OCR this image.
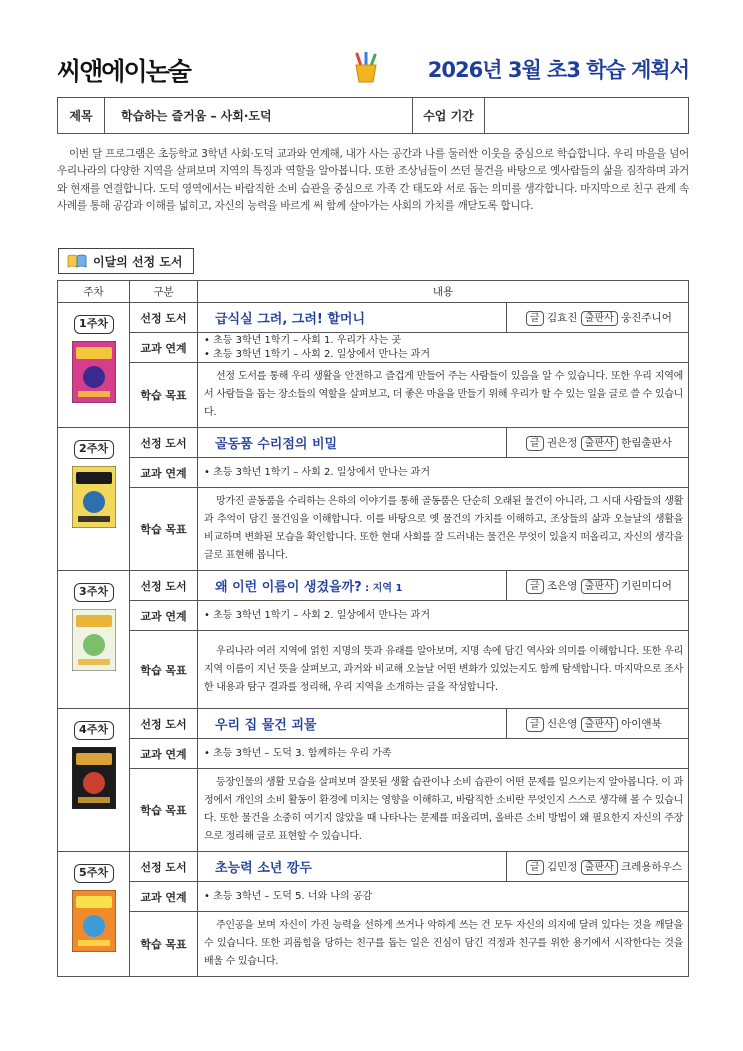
씨앤에이논술	2026년 3월 초3 학습 계획서
제목	학습하는 즐거움 – 사회·도덕	수업 기간

이번 달 프로그램은 초등학교 3학년 사회·도덕 교과와 연계해, 내가 사는 공간과 나를 둘러싼 이웃을 중심으로 학습합니다. 우리 마을을 넘어 우리나라의 다양한 지역을 살펴보며 지역의 특징과 역할을 알아봅니다. 또한 조상님들이 쓰던 물건을 바탕으로 옛사람들의 삶을 짐작하며 과거와 현재를 연결합니다. 도덕 영역에서는 바람직한 소비 습관을 중심으로 가족 간 태도와 서로 돕는 의미를 생각합니다. 마지막으로 친구 관계 속 사례를 통해 공감과 이해를 넓히고, 자신의 능력을 바르게 써 함께 살아가는 사회의 가치를 깨닫도록 합니다.

이달의 선정 도서
주차	구분	내용	
1주차	선정 도서	급식실 그려, 그려! 할머니	글 김효진 출판사 웅진주니어
	교과 연계	• 초등 3학년 1학기 – 사회 1. 우리가 사는 곳
• 초등 3학년 1학기 – 사회 2. 일상에서 만나는 과거	

	학습 목표	선정 도서를 통해 우리 생활을 안전하고 즐겁게 만들어 주는 사람들이 있음을 알 수 있습니다. 또한 우리 지역에서 사람들을 돕는 장소들의 역할을 살펴보고, 더 좋은 마을을 만들기 위해 우리가 할 수 있는 일을 글로 쓸 수 있습니다.	
2주차	선정 도서	골동품 수리점의 비밀	글 권은정 출판사 한림출판사
	교과 연계	• 초등 3학년 1학기 – 사회 2. 일상에서 만나는 과거	

	학습 목표	망가진 골동품을 수리하는 은하의 이야기를 통해 골동품은 단순히 오래된 물건이 아니라, 그 시대 사람들의 생활과 추억이 담긴 물건임을 이해합니다. 이를 바탕으로 옛 물건의 가치를 이해하고, 조상들의 삶과 오늘날의 생활을 비교하며 변화된 모습을 확인합니다. 또한 현대 사회를 잘 드러내는 물건은 무엇이 있을지 떠올리고, 자신의 생각을 글로 표현해 봅니다.	
3주차	선정 도서	왜 이런 이름이 생겼을까? : 지역 1	글 조은영 출판사 기린미디어
	교과 연계	• 초등 3학년 1학기 – 사회 2. 일상에서 만나는 과거	

	학습 목표	우리나라 여러 지역에 얽힌 지명의 뜻과 유래를 알아보며, 지명 속에 담긴 역사와 의미를 이해합니다. 또한 우리 지역 이름이 지닌 뜻을 살펴보고, 과거와 비교해 오늘날 어떤 변화가 있었는지도 함께 탐색합니다. 마지막으로 조사한 내용과 탐구 결과를 정리해, 우리 지역을 소개하는 글을 작성합니다.	
4주차	선정 도서	우리 집 물건 괴물	글 신은영 출판사 아이앤북
	교과 연계	• 초등 3학년 – 도덕 3. 함께하는 우리 가족	

	학습 목표	등장인물의 생활 모습을 살펴보며 잘못된 생활 습관이나 소비 습관이 어떤 문제를 일으키는지 알아봅니다. 이 과정에서 개인의 소비 활동이 환경에 미치는 영향을 이해하고, 바람직한 소비란 무엇인지 스스로 생각해 볼 수 있습니다. 또한 물건을 소중히 여기지 않았을 때 나타나는 문제를 떠올리며, 올바른 소비 방법이 왜 필요한지 자신의 주장으로 정리해 글로 표현할 수 있습니다.	
5주차	선정 도서	초능력 소년 깡두	글 김민정 출판사 크레용하우스
	교과 연계	• 초등 3학년 – 도덕 5. 너와 나의 공감	

	학습 목표	주인공을 보며 자신이 가진 능력을 선하게 쓰거나 악하게 쓰는 건 모두 자신의 의지에 달려 있다는 것을 깨달을 수 있습니다. 또한 괴롭힘을 당하는 친구를 돕는 일은 진심이 담긴 걱정과 친구를 위한 용기에서 시작한다는 것을 배울 수 있습니다.	
